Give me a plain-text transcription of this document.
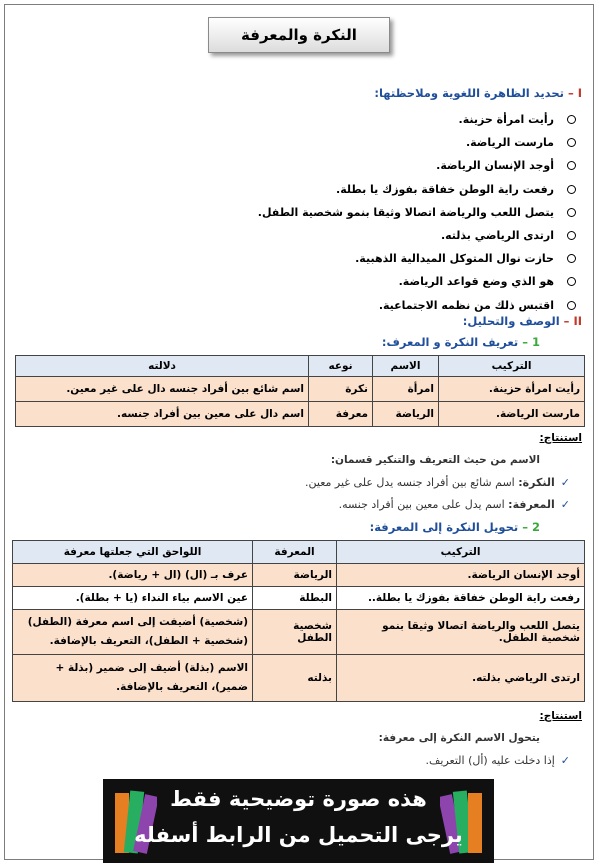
النكرة والمعرفة
I – تحديد الظاهرة اللغوية وملاحظتها:
رأيت امرأة حزينة.
مارست الرياضة.
أوجد الإنسان الرياضة.
رفعت راية الوطن خفاقة بفوزك يا بطلة.
يتصل اللعب والرياضة اتصالا وثيقا بنمو شخصية الطفل.
ارتدى الرياضي بذلته.
حازت نوال المتوكل الميدالية الذهبية.
هو الذي وضع قواعد الرياضة.
اقتبس ذلك من نظمه الاجتماعية.
II – الوصف والتحليل:
1 – تعريف النكرة و المعرف:
التركيب	الاسم	نوعه	دلالته
رأيت امرأة حزينة.	امرأة	نكرة	اسم شائع بين أفراد جنسه دال على غير معين.
مارست الرياضة.	الرياضة	معرفة	اسم دال على معين بين أفراد جنسه.
استنتاج:
الاسم من حيث التعريف والتنكير قسمان:
✓النكرة: اسم شائع بين أفراد جنسه يدل على غير معين.
✓المعرفة: اسم يدل على معين بين أفراد جنسه.
2 – تحويل النكرة إلى المعرفة:
التركيب	المعرفة	اللواحق التي جعلتها معرفة
أوجد الإنسان الرياضة.	الرياضة	عرف بـ (ال) (ال + رياضة).
رفعت راية الوطن خفاقة بفوزك يا بطلة..	البطلة	عين الاسم بياء النداء (يا + بطلة).
يتصل اللعب والرياضة اتصالا وثيقا بنمو شخصية الطفل.	شخصية الطفل	(شخصية) أضيفت إلى اسم معرفة (الطفل) (شخصية + الطفل)، التعريف بالإضافة.
ارتدى الرياضي بذلته.	بذلته	الاسم (بذلة) أضيف إلى ضمير (بذلة + ضمير)، التعريف بالإضافة.
استنتاج:
يتحول الاسم النكرة إلى معرفة:
✓إذا دخلت عليه (أل) التعريف.
هذه صورة توضيحية فقط
يرجى التحميل من الرابط أسفله
